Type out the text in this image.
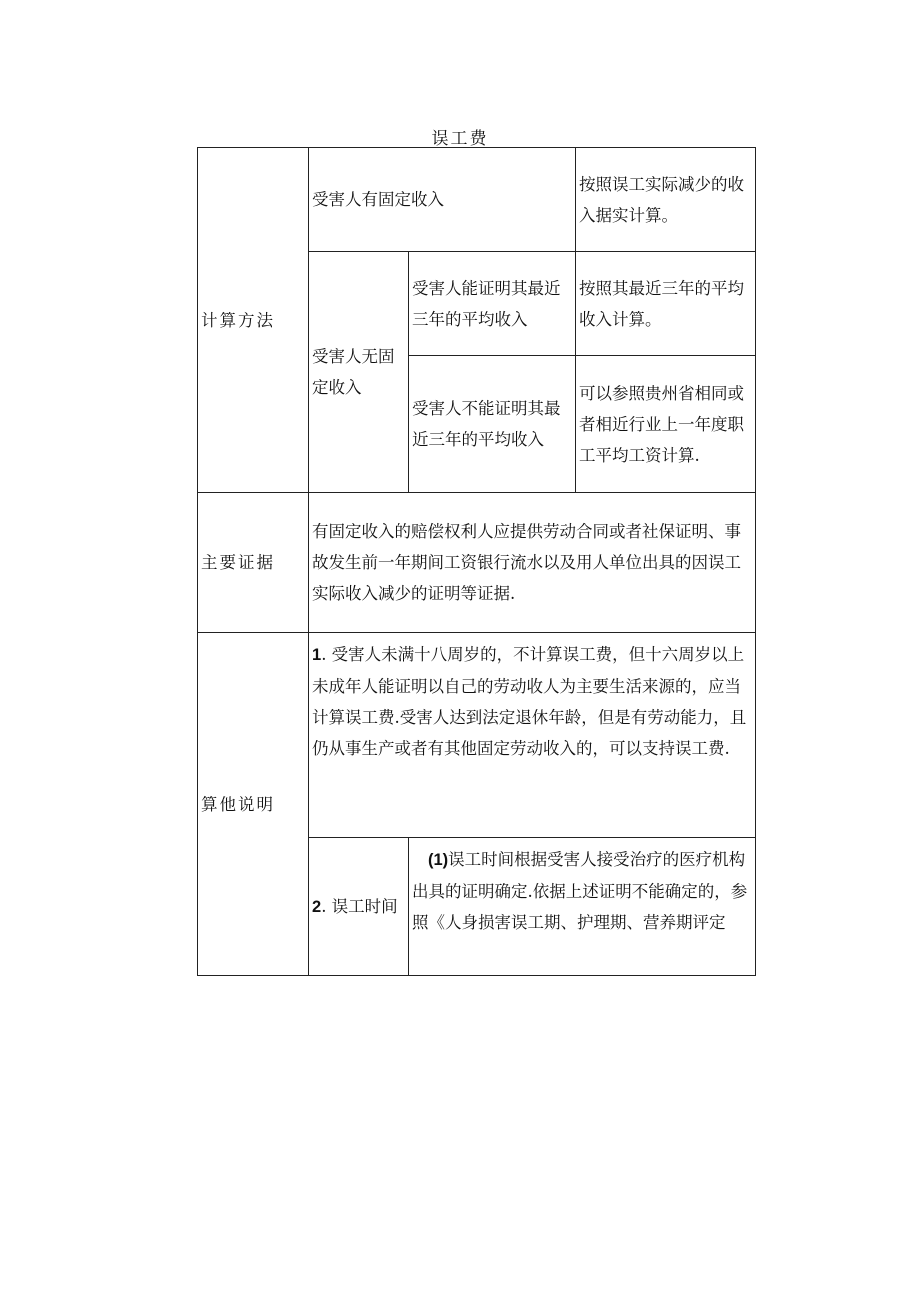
误工费
计算方法	受害人有固定收入		按照误工实际减少的收入据实计算。
	受害人无固定收入	受害人能证明其最近三年的平均收入	按照其最近三年的平均收入计算。
		受害人不能证明其最近三年的平均收入	可以参照贵州省相同或者相近行业上一年度职工平均工资计算.
主要证据	有固定收入的赔偿权利人应提供劳动合同或者社保证明、事故发生前一年期间工资银行流水以及用人单位出具的因误工实际收入减少的证明等证据.		
算他说明	1. 受害人未满十八周岁的，不计算误工费，但十六周岁以上未成年人能证明以自己的劳动收人为主要生活来源的，应当计算误工费.受害人达到法定退休年龄，但是有劳动能力，且仍从事生产或者有其他固定劳动收入的，可以支持误工费.		
	2. 误工时间	(1)误工时间根据受害人接受治疗的医疗机构出具的证明确定.依据上述证明不能确定的，参照《人身损害误工期、护理期、营养期评定	
